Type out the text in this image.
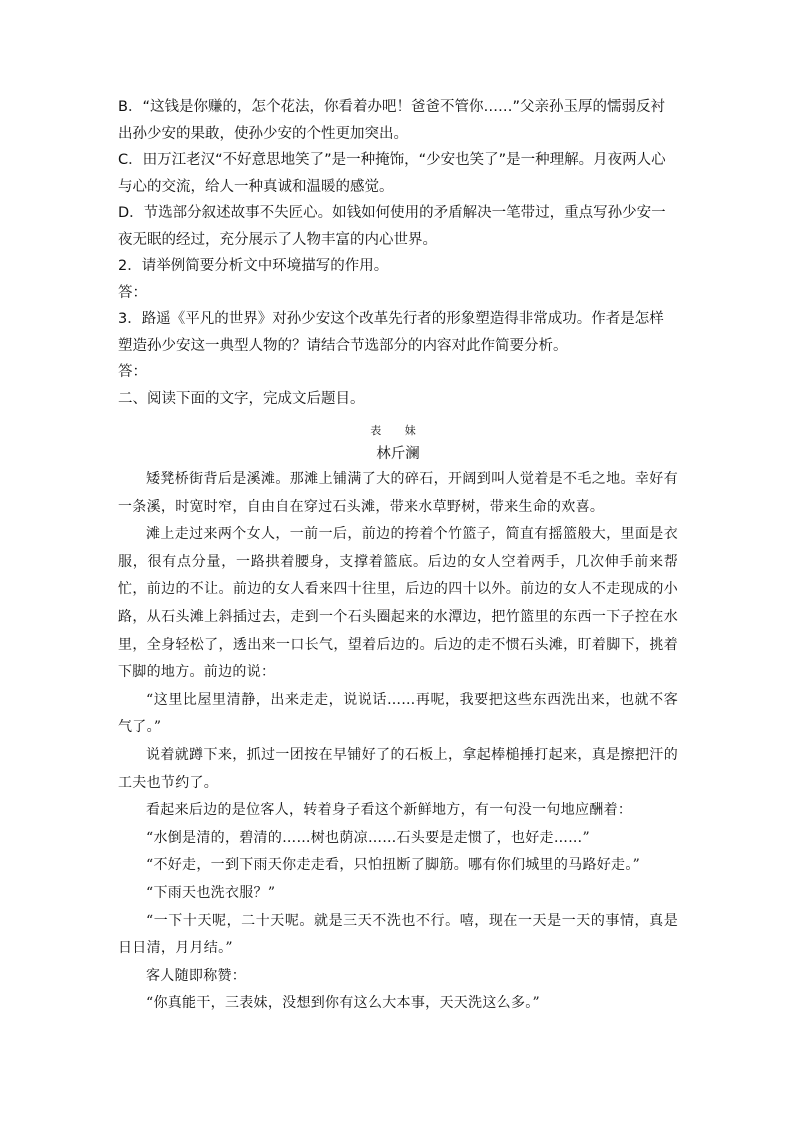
B．“这钱是你赚的，怎个花法，你看着办吧！爸爸不管你……”父亲孙玉厚的懦弱反衬出孙少安的果敢，使孙少安的个性更加突出。

C．田万江老汉“不好意思地笑了”是一种掩饰，“少安也笑了”是一种理解。月夜两人心与心的交流，给人一种真诚和温暖的感觉。

D．节选部分叙述故事不失匠心。如钱如何使用的矛盾解决一笔带过，重点写孙少安一夜无眠的经过，充分展示了人物丰富的内心世界。

2．请举例简要分析文中环境描写的作用。

答：

3．路遥《平凡的世界》对孙少安这个改革先行者的形象塑造得非常成功。作者是怎样塑造孙少安这一典型人物的？请结合节选部分的内容对此作简要分析。

答：

二、阅读下面的文字，完成文后题目。

表 妹
林斤澜

矮凳桥街背后是溪滩。那滩上铺满了大的碎石，开阔到叫人觉着是不毛之地。幸好有一条溪，时宽时窄，自由自在穿过石头滩，带来水草野树，带来生命的欢喜。

滩上走过来两个女人，一前一后，前边的挎着个竹篮子，简直有摇篮般大，里面是衣服，很有点分量，一路拱着腰身，支撑着篮底。后边的女人空着两手，几次伸手前来帮忙，前边的不让。前边的女人看来四十往里，后边的四十以外。前边的女人不走现成的小路，从石头滩上斜插过去，走到一个石头圈起来的水潭边，把竹篮里的东西一下子控在水里，全身轻松了，透出来一口长气，望着后边的。后边的走不惯石头滩，盯着脚下，挑着下脚的地方。前边的说：

“这里比屋里清静，出来走走，说说话……再呢，我要把这些东西洗出来，也就不客气了。”

说着就蹲下来，抓过一团按在早铺好了的石板上，拿起棒槌捶打起来，真是擦把汗的工夫也节约了。

看起来后边的是位客人，转着身子看这个新鲜地方，有一句没一句地应酬着：

“水倒是清的，碧清的……树也荫凉……石头要是走惯了，也好走……”

“不好走，一到下雨天你走走看，只怕扭断了脚筋。哪有你们城里的马路好走。”

“下雨天也洗衣服？”

“一下十天呢，二十天呢。就是三天不洗也不行。嘻，现在一天是一天的事情，真是日日清，月月结。”

客人随即称赞：

“你真能干，三表妹，没想到你有这么大本事，天天洗这么多。”
